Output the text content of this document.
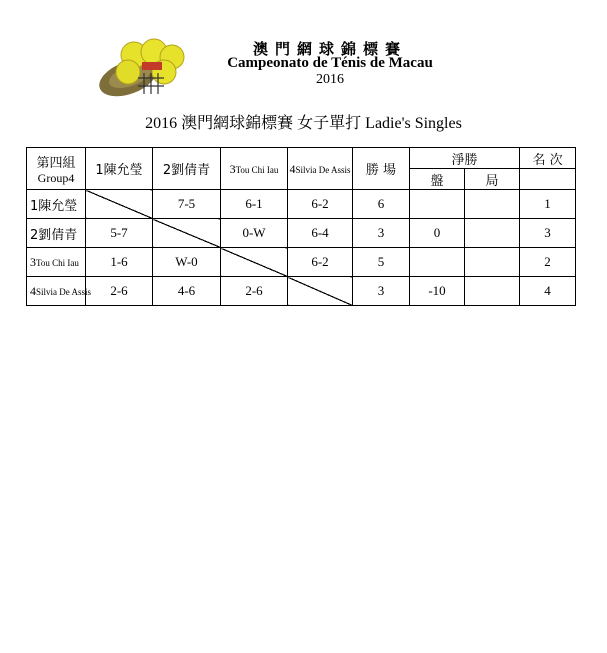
澳門網球錦標賽
Campeonato de Ténis de Macau
2016
2016 澳門網球錦標賽 女子單打 Ladie's Singles
第四組
Group4	1陳允瑩	2劉倩青	3Tou Chi Iau	4Silvia De Assis	勝 場	淨勝		名 次
						盤	局	
1陳允瑩		7-5	6-1	6-2	6			1
2劉倩青	5-7		0-W	6-4	3	0		3
3Tou Chi Iau	1-6	W-0		6-2	5			2
4Silvia De Assis	2-6	4-6	2-6		3	-10		4
